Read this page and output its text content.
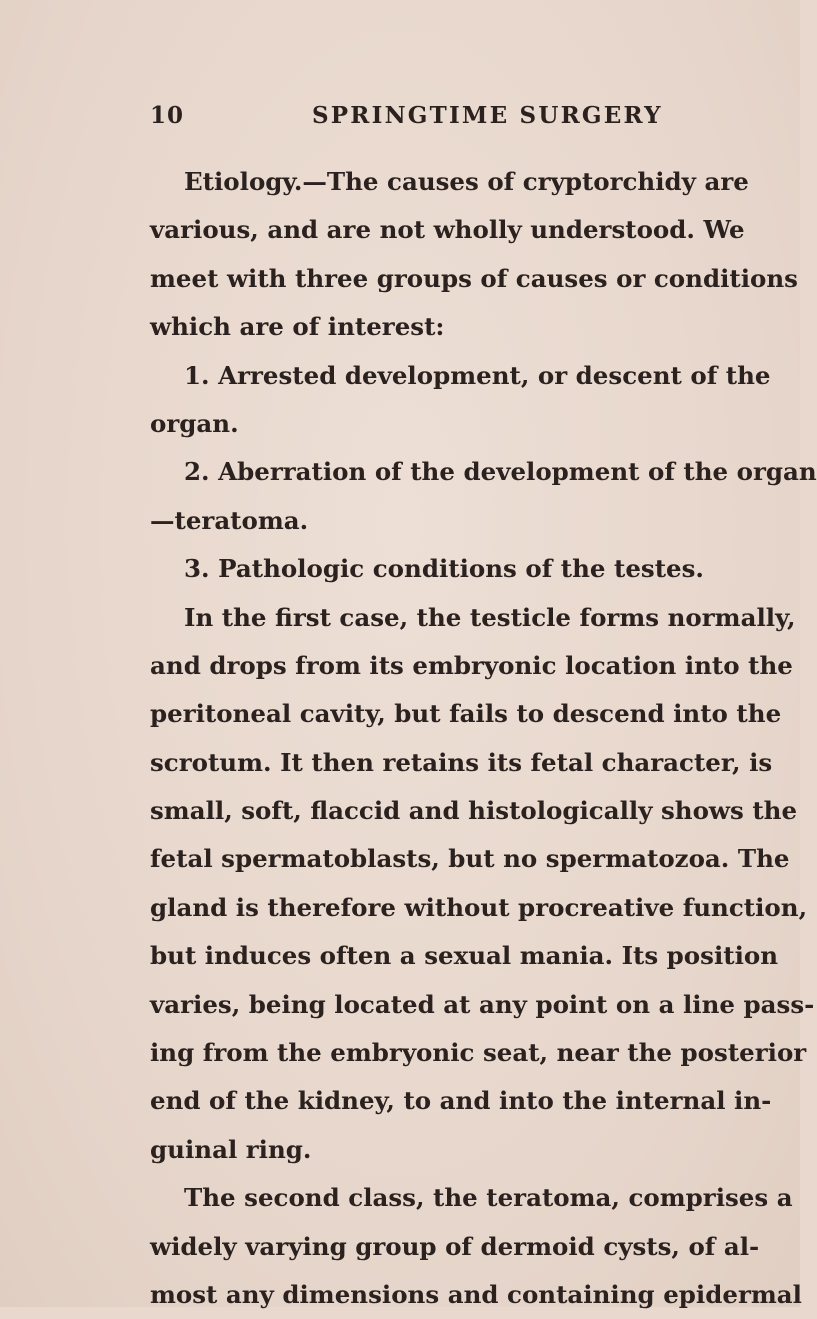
10	SPRINGTIME SURGERY
Etiology.—The causes of cryptorchidy are
various, and are not wholly understood. We
meet with three groups of causes or conditions
which are of interest:
1. Arrested development, or descent of the
organ.
2. Aberration of the development of the organ
—teratoma.
3. Pathologic conditions of the testes.
In the first case, the testicle forms normally,
and drops from its embryonic location into the
peritoneal cavity, but fails to descend into the
scrotum. It then retains its fetal character, is
small, soft, flaccid and histologically shows the
fetal spermatoblasts, but no spermatozoa. The
gland is therefore without procreative function,
but induces often a sexual mania. Its position
varies, being located at any point on a line pass-
ing from the embryonic seat, near the posterior
end of the kidney, to and into the internal in-
guinal ring.
The second class, the teratoma, comprises a
widely varying group of dermoid cysts, of al-
most any dimensions and containing epidermal
